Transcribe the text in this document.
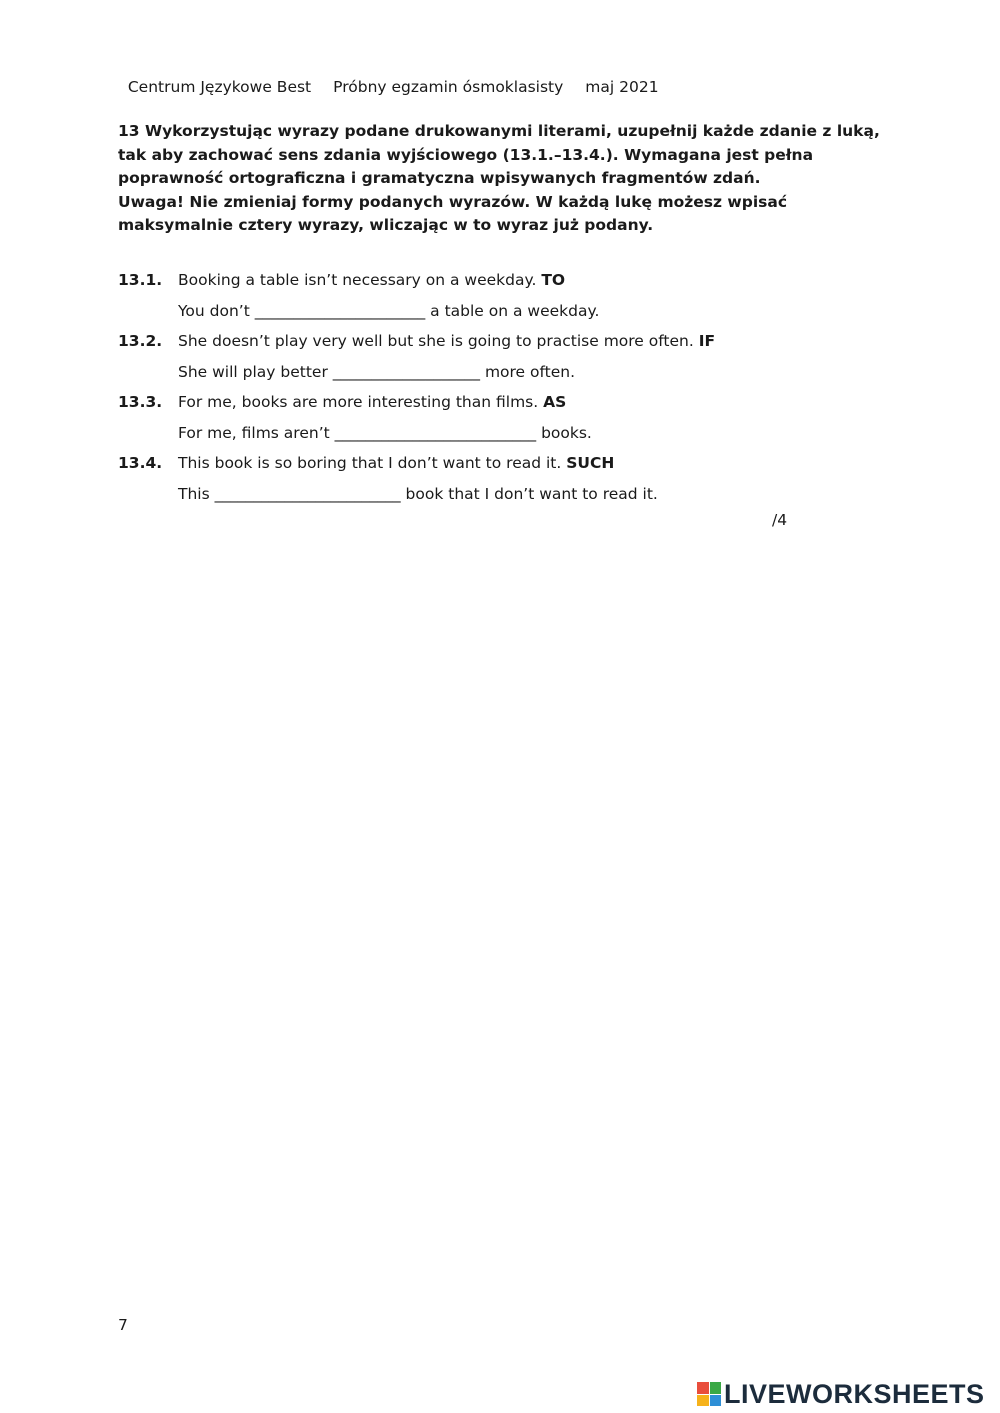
Centrum Językowe Best Próbny egzamin ósmoklasisty maj 2021

13 Wykorzystując wyrazy podane drukowanymi literami, uzupełnij każde zdanie z luką,
tak aby zachować sens zdania wyjściowego (13.1.–13.4.). Wymagana jest pełna
poprawność ortograficzna i gramatyczna wpisywanych fragmentów zdań.
Uwaga! Nie zmieniaj formy podanych wyrazów. W każdą lukę możesz wpisać
maksymalnie cztery wyrazy, wliczając w to wyraz już podany.
13.1. Booking a table isn’t necessary on a weekday. TO
You don’t ______________________ a table on a weekday.
13.2. She doesn’t play very well but she is going to practise more often. IF
She will play better ___________________ more often.
13.3. For me, books are more interesting than films. AS
For me, films aren’t __________________________ books.
13.4. This book is so boring that I don’t want to read it. SUCH
This ________________________ book that I don’t want to read it.
/4
7
LIVEWORKSHEETS
